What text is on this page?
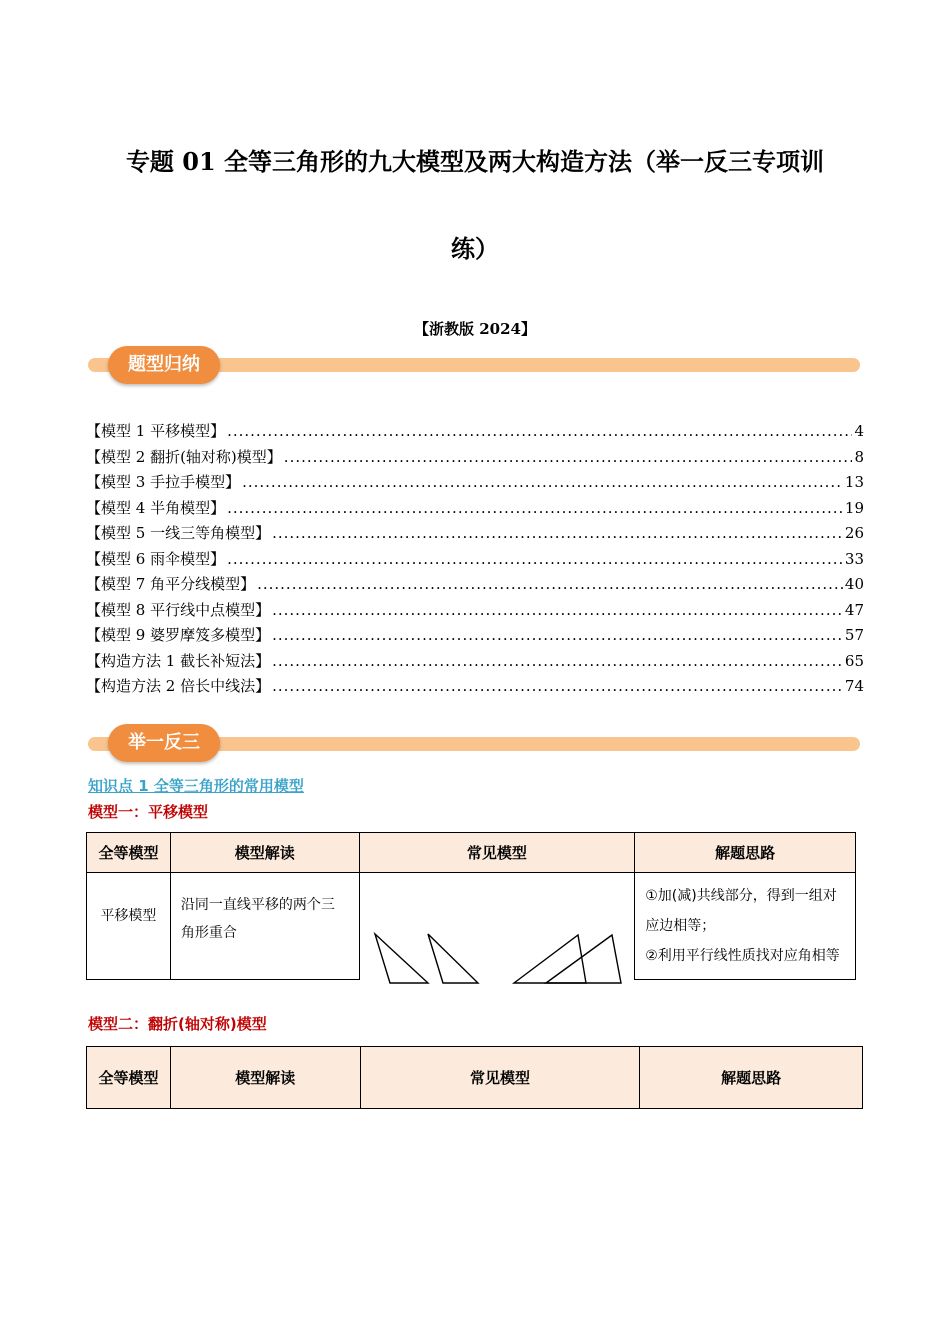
专题 01 全等三角形的九大模型及两大构造方法（举一反三专项训
练）
【浙教版 2024】
题型归纳
【模型 1 平移模型】 .....	4
【模型 2 翻折(轴对称)模型】 .....	8
【模型 3 手拉手模型】 .....	13
【模型 4 半角模型】 .....	19
【模型 5 一线三等角模型】 .....	26
【模型 6 雨伞模型】 .....	33
【模型 7 角平分线模型】 .....	40
【模型 8 平行线中点模型】 .....	47
【模型 9 婆罗摩笈多模型】 .....	57
【构造方法 1 截长补短法】 .....	65
【构造方法 2 倍长中线法】 .....	74
举一反三
知识点 1 全等三角形的常用模型
模型一：平移模型
全等模型	模型解读	常见模型	解题思路
平移模型	沿同一直线平移的两个三角形重合		①加(减)共线部分，得到一组对应边相等；
②利用平行线性质找对应角相等
模型二：翻折(轴对称)模型
全等模型	模型解读	常见模型	解题思路
